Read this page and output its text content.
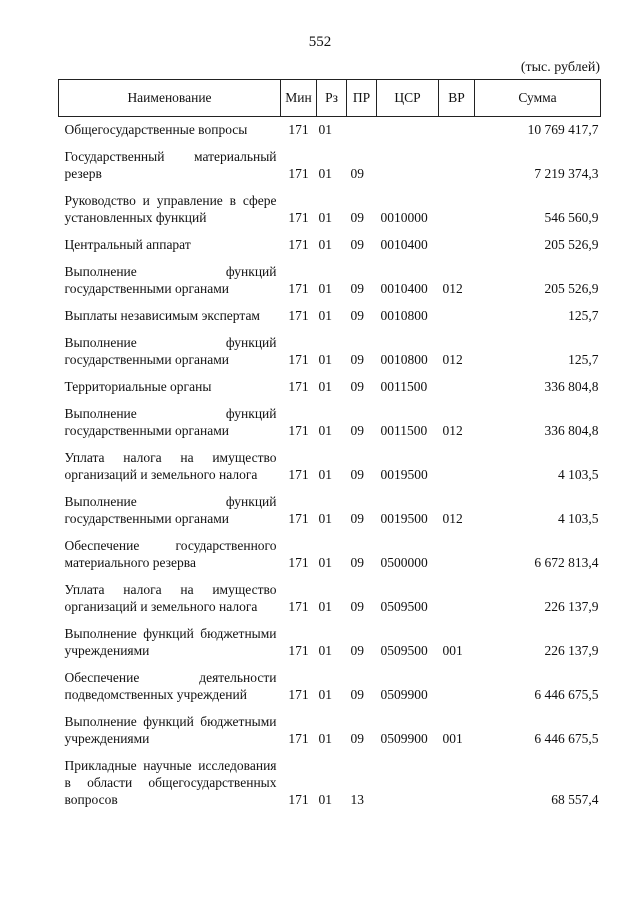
552
(тыс. рублей)
Наименование	Мин	Рз	ПР	ЦСР	ВР	Сумма
Общегосударственные вопросы	171	01				10 769 417,7
Государственный материальный резерв	171	01	09			7 219 374,3
Руководство и управление в сфере установленных функций	171	01	09	0010000		546 560,9
Центральный аппарат	171	01	09	0010400		205 526,9
Выполнение функций государственными органами	171	01	09	0010400	012	205 526,9
Выплаты независимым экспертам	171	01	09	0010800		125,7
Выполнение функций государственными органами	171	01	09	0010800	012	125,7
Территориальные органы	171	01	09	0011500		336 804,8
Выполнение функций государственными органами	171	01	09	0011500	012	336 804,8
Уплата налога на имущество организаций и земельного налога	171	01	09	0019500		4 103,5
Выполнение функций государственными органами	171	01	09	0019500	012	4 103,5
Обеспечение государственного материального резерва	171	01	09	0500000		6 672 813,4
Уплата налога на имущество организаций и земельного налога	171	01	09	0509500		226 137,9
Выполнение функций бюджетными учреждениями	171	01	09	0509500	001	226 137,9
Обеспечение деятельности подведомственных учреждений	171	01	09	0509900		6 446 675,5
Выполнение функций бюджетными учреждениями	171	01	09	0509900	001	6 446 675,5
Прикладные научные исследования в области общегосударственных вопросов	171	01	13			68 557,4
